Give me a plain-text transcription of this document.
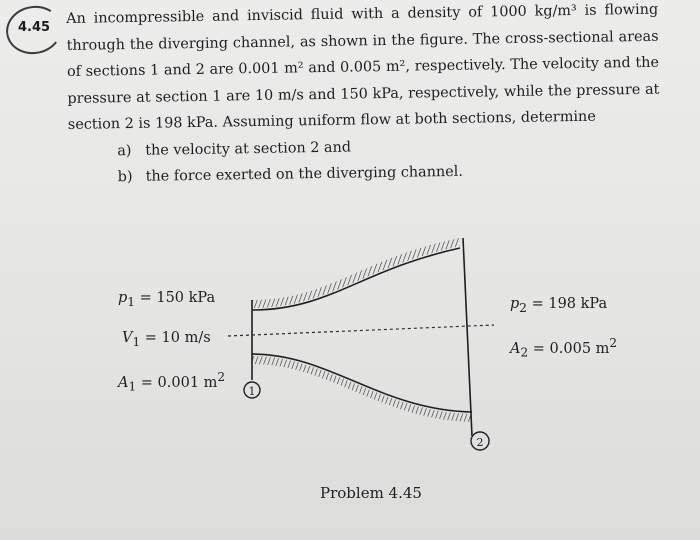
4.45

An incompressible and inviscid fluid with a density of 1000 kg/m³ is flowing through the diverging channel, as shown in the figure. The cross-sectional areas of sections 1 and 2 are 0.001 m² and 0.005 m², respectively. The velocity and the pressure at section 1 are 10 m/s and 150 kPa, respectively, while the pressure at section 2 is 198 kPa. Assuming uniform flow at both sections, determine

a) the velocity at section 2 and
b) the force exerted on the diverging channel.
1
2
$p_1 = 150$ kPa
$V_1 = 10$ m/s
$A_1 = 0.001$ $m^2$
$p_2 = 198$ kPa
$A_2 = 0.005$ $m^2$
Problem 4.45
